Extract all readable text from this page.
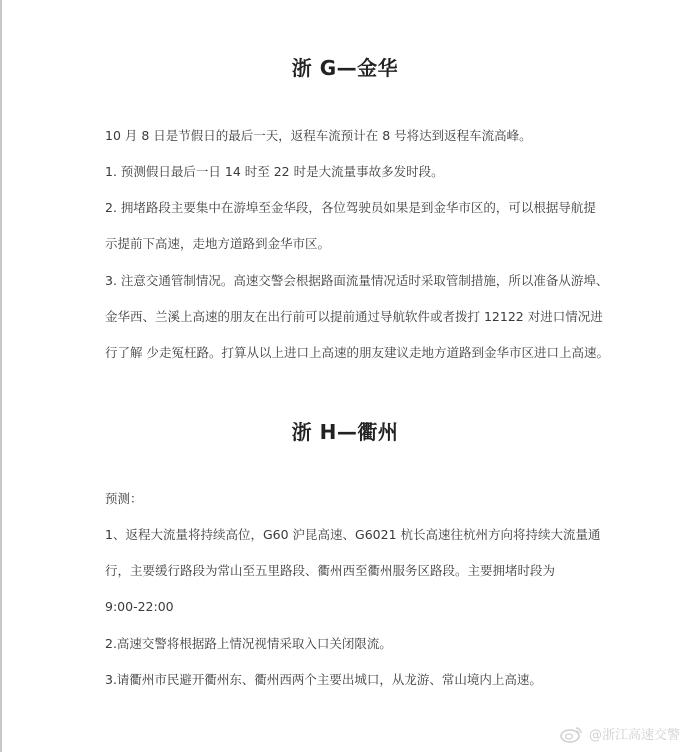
浙 G—金华
10 月 8 日是节假日的最后一天，返程车流预计在 8 号将达到返程车流高峰。
1. 预测假日最后一日 14 时至 22 时是大流量事故多发时段。
2. 拥堵路段主要集中在游埠至金华段，各位驾驶员如果是到金华市区的，可以根据导航提
示提前下高速，走地方道路到金华市区。
3. 注意交通管制情况。高速交警会根据路面流量情况适时采取管制措施，所以准备从游埠、
金华西、兰溪上高速的朋友在出行前可以提前通过导航软件或者拨打 12122 对进口情况进
行了解 少走冤枉路。打算从以上进口上高速的朋友建议走地方道路到金华市区进口上高速。
浙 H—衢州
预测：
1、返程大流量将持续高位，G60 沪昆高速、G6021 杭长高速往杭州方向将持续大流量通
行，主要缓行路段为常山至五里路段、衢州西至衢州服务区路段。主要拥堵时段为
9:00-22:00
2.高速交警将根据路上情况视情采取入口关闭限流。
3.请衢州市民避开衢州东、衢州西两个主要出城口，从龙游、常山境内上高速。
@浙江高速交警
